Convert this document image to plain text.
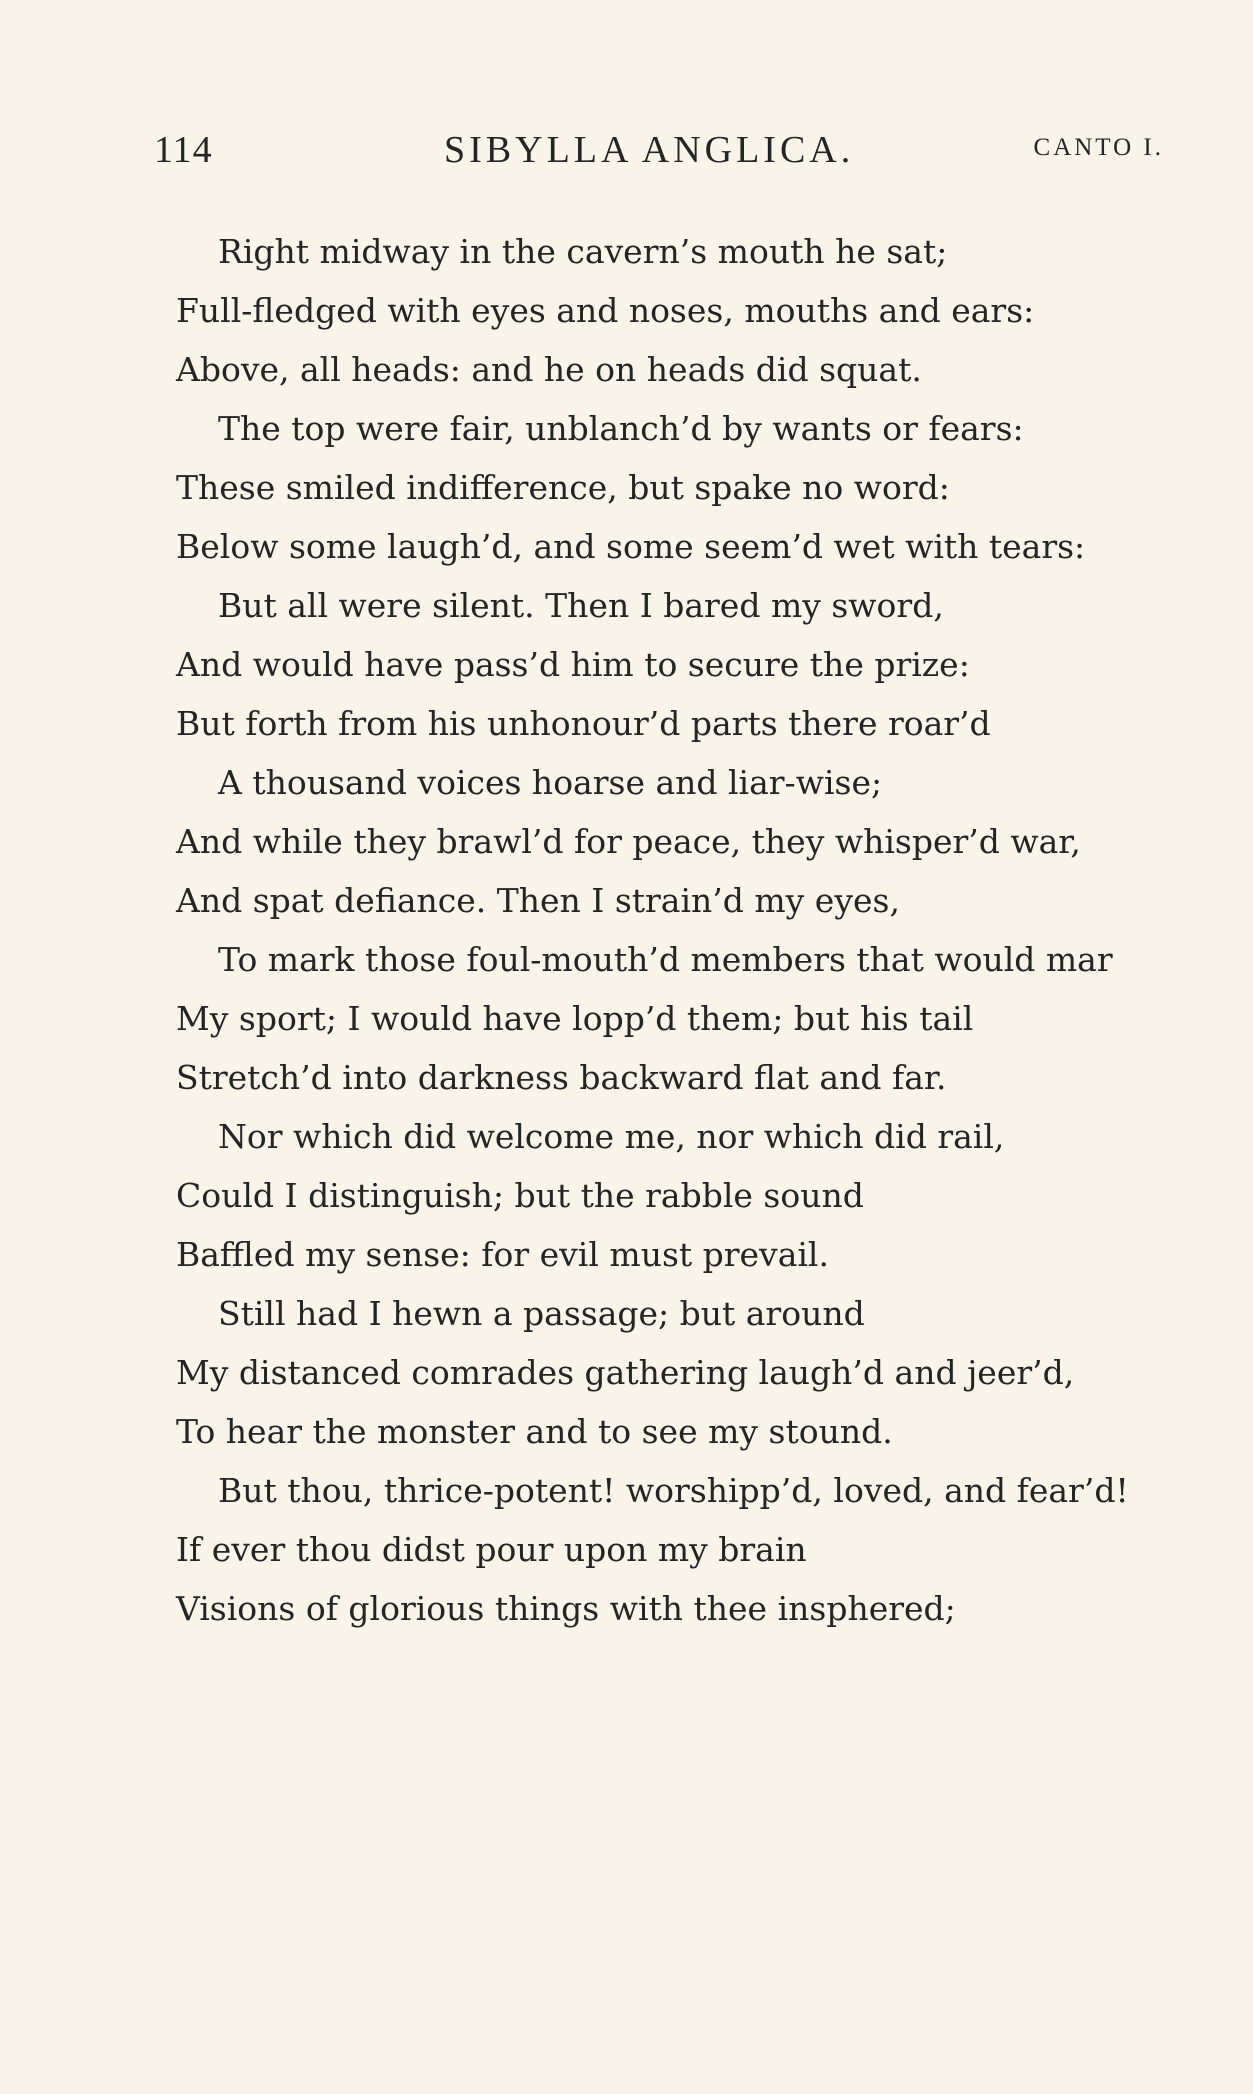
114	SIBYLLA ANGLICA.	CANTO I.
Right midway in the cavern’s mouth he sat;
Full-fledged with eyes and noses, mouths and ears:
Above, all heads: and he on heads did squat.
The top were fair, unblanch’d by wants or fears:
These smiled indifference, but spake no word:
Below some laugh’d, and some seem’d wet with tears:
But all were silent. Then I bared my sword,
And would have pass’d him to secure the prize:
But forth from his unhonour’d parts there roar’d
A thousand voices hoarse and liar-wise;
And while they brawl’d for peace, they whisper’d war,
And spat defiance. Then I strain’d my eyes,
To mark those foul-mouth’d members that would mar
My sport; I would have lopp’d them; but his tail
Stretch’d into darkness backward flat and far.
Nor which did welcome me, nor which did rail,
Could I distinguish; but the rabble sound
Baffled my sense: for evil must prevail.
Still had I hewn a passage; but around
My distanced comrades gathering laugh’d and jeer’d,
To hear the monster and to see my stound.
But thou, thrice-potent! worshipp’d, loved, and fear’d!
If ever thou didst pour upon my brain
Visions of glorious things with thee insphered;
